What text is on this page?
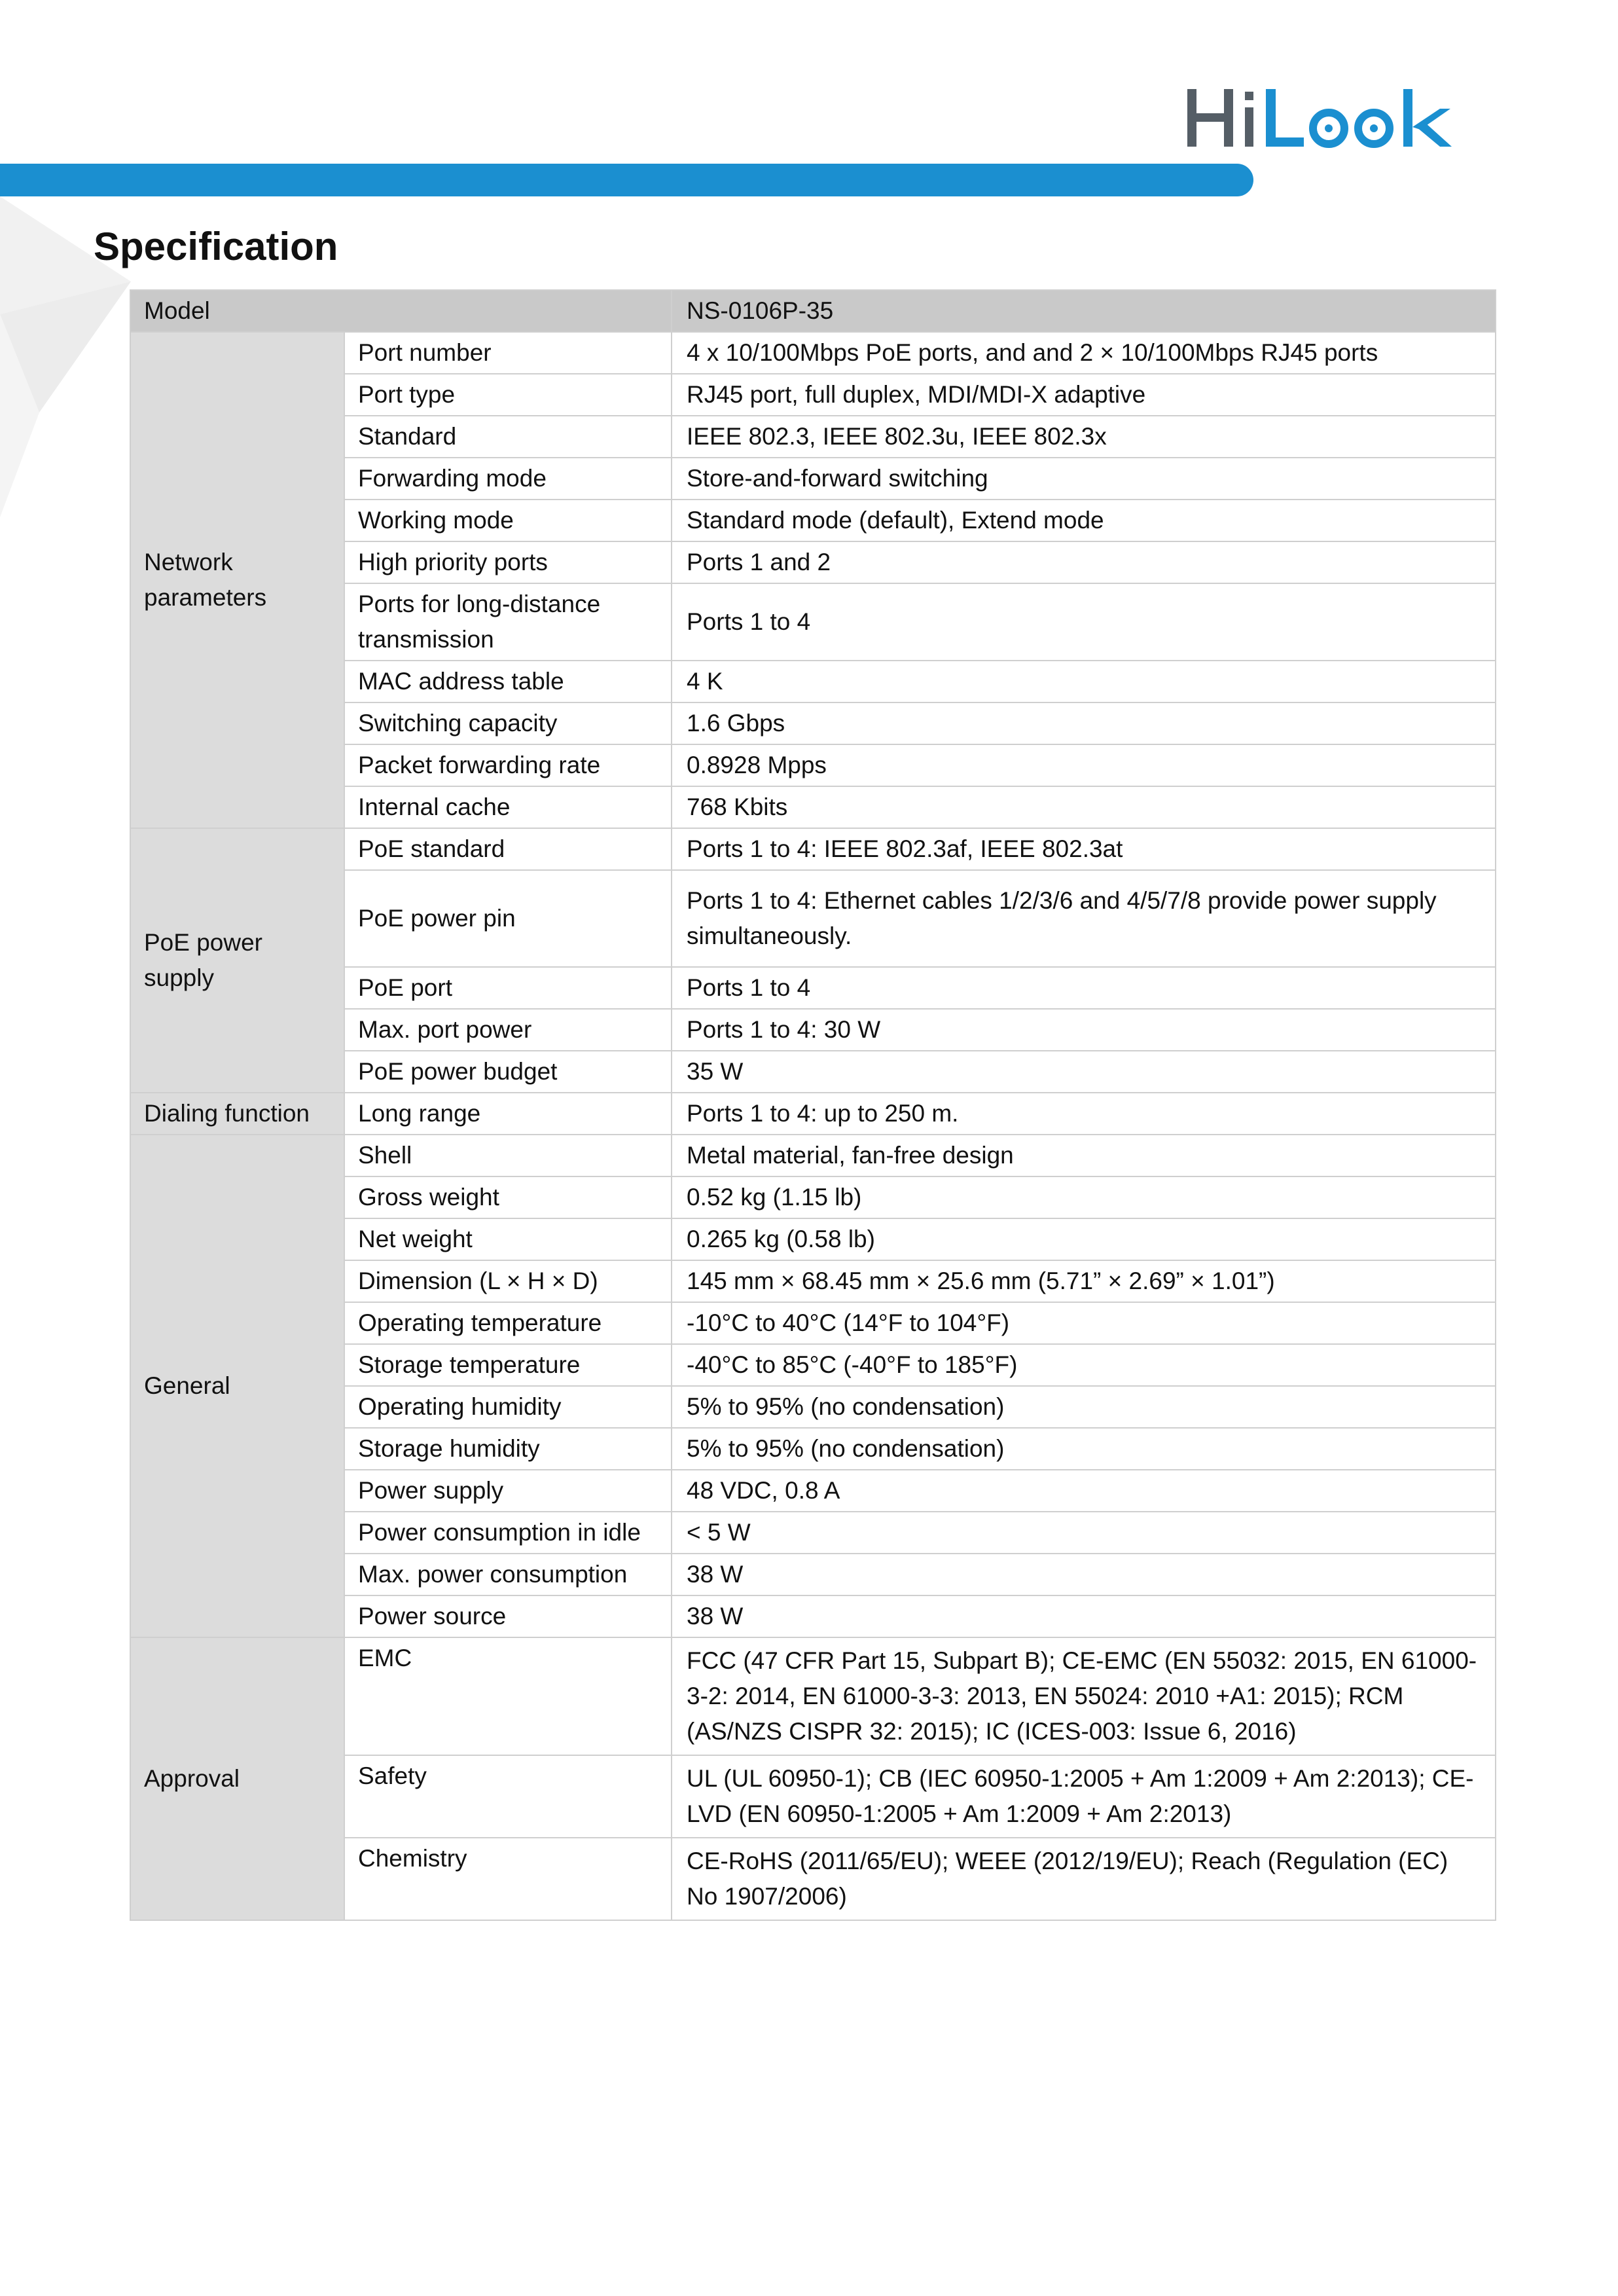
Specification
Model		NS-0106P-35
Network parameters	Port number	4 x 10/100Mbps PoE ports, and and 2 × 10/100Mbps RJ45 ports
	Port type	RJ45 port, full duplex, MDI/MDI-X adaptive
	Standard	IEEE 802.3, IEEE 802.3u, IEEE 802.3x
	Forwarding mode	Store-and-forward switching
	Working mode	Standard mode (default), Extend mode
	High priority ports	Ports 1 and 2
	Ports for long-distance transmission	Ports 1 to 4
	MAC address table	4 K
	Switching capacity	1.6 Gbps
	Packet forwarding rate	0.8928 Mpps
	Internal cache	768 Kbits
PoE power supply	PoE standard	Ports 1 to 4: IEEE 802.3af, IEEE 802.3at
	PoE power pin	Ports 1 to 4: Ethernet cables 1/2/3/6 and 4/5/7/8 provide power supply simultaneously.
	PoE port	Ports 1 to 4
	Max. port power	Ports 1 to 4: 30 W
	PoE power budget	35 W
Dialing function	Long range	Ports 1 to 4: up to 250 m.
General	Shell	Metal material, fan-free design
	Gross weight	0.52 kg (1.15 lb)
	Net weight	0.265 kg (0.58 lb)
	Dimension (L × H × D)	145 mm × 68.45 mm × 25.6 mm (5.71” × 2.69” × 1.01”)
	Operating temperature	-10°C to 40°C (14°F to 104°F)
	Storage temperature	-40°C to 85°C (-40°F to 185°F)
	Operating humidity	5% to 95% (no condensation)
	Storage humidity	5% to 95% (no condensation)
	Power supply	48 VDC, 0.8 A
	Power consumption in idle	< 5 W
	Max. power consumption	38 W
	Power source	38 W
Approval	EMC	FCC (47 CFR Part 15, Subpart B); CE-EMC (EN 55032: 2015, EN 61000-3-2: 2014, EN 61000-3-3: 2013, EN 55024: 2010 +A1: 2015); RCM (AS/NZS CISPR 32: 2015); IC (ICES-003: Issue 6, 2016)
	Safety	UL (UL 60950-1); CB (IEC 60950-1:2005 + Am 1:2009 + Am 2:2013); CE-LVD (EN 60950-1:2005 + Am 1:2009 + Am 2:2013)
	Chemistry	CE-RoHS (2011/65/EU); WEEE (2012/19/EU); Reach (Regulation (EC) No 1907/2006)
